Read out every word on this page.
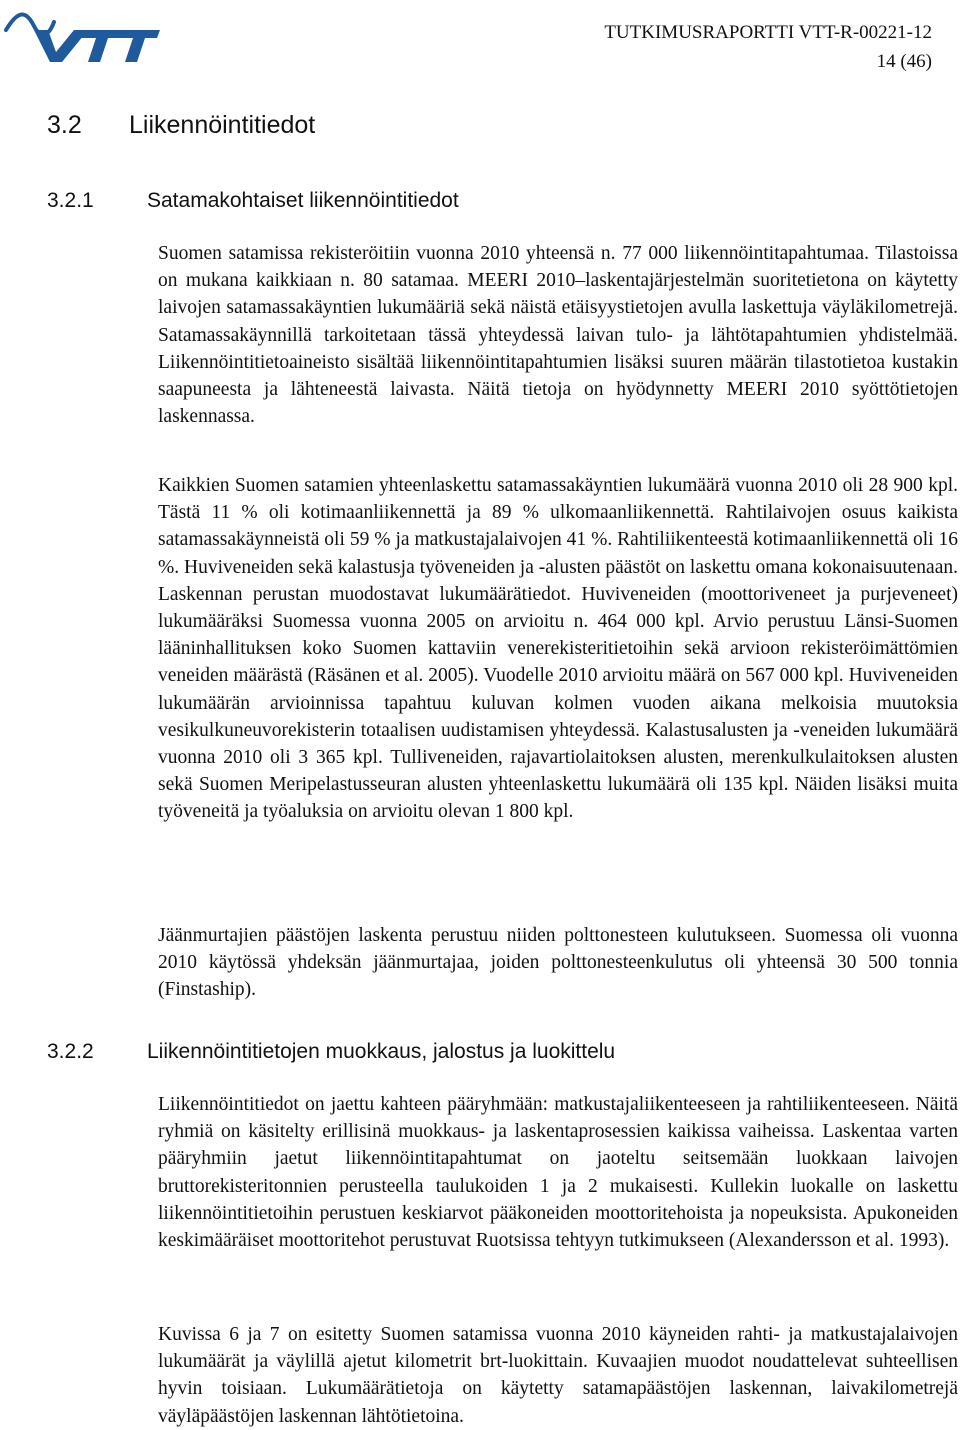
TUTKIMUSRAPORTTI VTT-R-00221-12
14 (46)
3.2 Liikennöintitiedot
3.2.1	Satamakohtaiset liikennöintitiedot

Suomen satamissa rekisteröitiin vuonna 2010 yhteensä n. 77 000 liikennöintitapahtumaa. Tilastoissa on mukana kaikkiaan n. 80 satamaa. MEERI 2010–laskentajärjestelmän suoritetietona on käytetty laivojen satamassakäyntien lukumääriä sekä näistä etäisyystietojen avulla laskettuja väyläkilometrejä. Satamassakäynnillä tarkoitetaan tässä yhteydessä laivan tulo- ja lähtötapahtumien yhdistelmää. Liikennöintitietoaineisto sisältää liikennöintitapahtumien lisäksi suuren määrän tilastotietoa kustakin saapuneesta ja lähteneestä laivasta. Näitä tietoja on hyödynnetty MEERI 2010 syöttötietojen laskennassa.

Kaikkien Suomen satamien yhteenlaskettu satamassakäyntien lukumäärä vuonna 2010 oli 28 900 kpl. Tästä 11 % oli kotimaanliikennettä ja 89 % ulkomaanliikennettä. Rahtilaivojen osuus kaikista satamassakäynneistä oli 59 % ja matkustajalaivojen 41 %. Rahtiliikenteestä kotimaanliikennettä oli 16 %. Huviveneiden sekä kalastusja työveneiden ja -alusten päästöt on laskettu omana kokonaisuutenaan. Laskennan perustan muodostavat lukumäärätiedot. Huviveneiden (moottoriveneet ja purjeveneet) lukumääräksi Suomessa vuonna 2005 on arvioitu n. 464 000 kpl. Arvio perustuu Länsi-Suomen lääninhallituksen koko Suomen kattaviin venerekisteritietoihin sekä arvioon rekisteröimättömien veneiden määrästä (Räsänen et al. 2005). Vuodelle 2010 arvioitu määrä on 567 000 kpl. Huviveneiden lukumäärän arvioinnissa tapahtuu kuluvan kolmen vuoden aikana melkoisia muutoksia vesikulkuneuvorekisterin totaalisen uudistamisen yhteydessä. Kalastusalusten ja -veneiden lukumäärä vuonna 2010 oli 3 365 kpl. Tulliveneiden, rajavartiolaitoksen alusten, merenkulkulaitoksen alusten sekä Suomen Meripelastusseuran alusten yhteenlaskettu lukumäärä oli 135 kpl. Näiden lisäksi muita työveneitä ja työaluksia on arvioitu olevan 1 800 kpl.

Jäänmurtajien päästöjen laskenta perustuu niiden polttonesteen kulutukseen. Suomessa oli vuonna 2010 käytössä yhdeksän jäänmurtajaa, joiden polttonesteenkulutus oli yhteensä 30 500 tonnia (Finstaship).

3.2.2	Liikennöintitietojen muokkaus, jalostus ja luokittelu

Liikennöintitiedot on jaettu kahteen pääryhmään: matkustajaliikenteeseen ja rahtiliikenteeseen. Näitä ryhmiä on käsitelty erillisinä muokkaus- ja laskentaprosessien kaikissa vaiheissa. Laskentaa varten pääryhmiin jaetut liikennöintitapahtumat on jaoteltu seitsemään luokkaan laivojen bruttorekisteritonnien perusteella taulukoiden 1 ja 2 mukaisesti. Kullekin luokalle on laskettu liikennöintitietoihin perustuen keskiarvot pääkoneiden moottoritehoista ja nopeuksista. Apukoneiden keskimääräiset moottoritehot perustuvat Ruotsissa tehtyyn tutkimukseen (Alexandersson et al. 1993).

Kuvissa 6 ja 7 on esitetty Suomen satamissa vuonna 2010 käyneiden rahti- ja matkustajalaivojen lukumäärät ja väylillä ajetut kilometrit brt-luokittain. Kuvaajien muodot noudattelevat suhteellisen hyvin toisiaan. Lukumäärätietoja on käytetty satamapäästöjen laskennan, laivakilometrejä väyläpäästöjen laskennan lähtötietoina.
